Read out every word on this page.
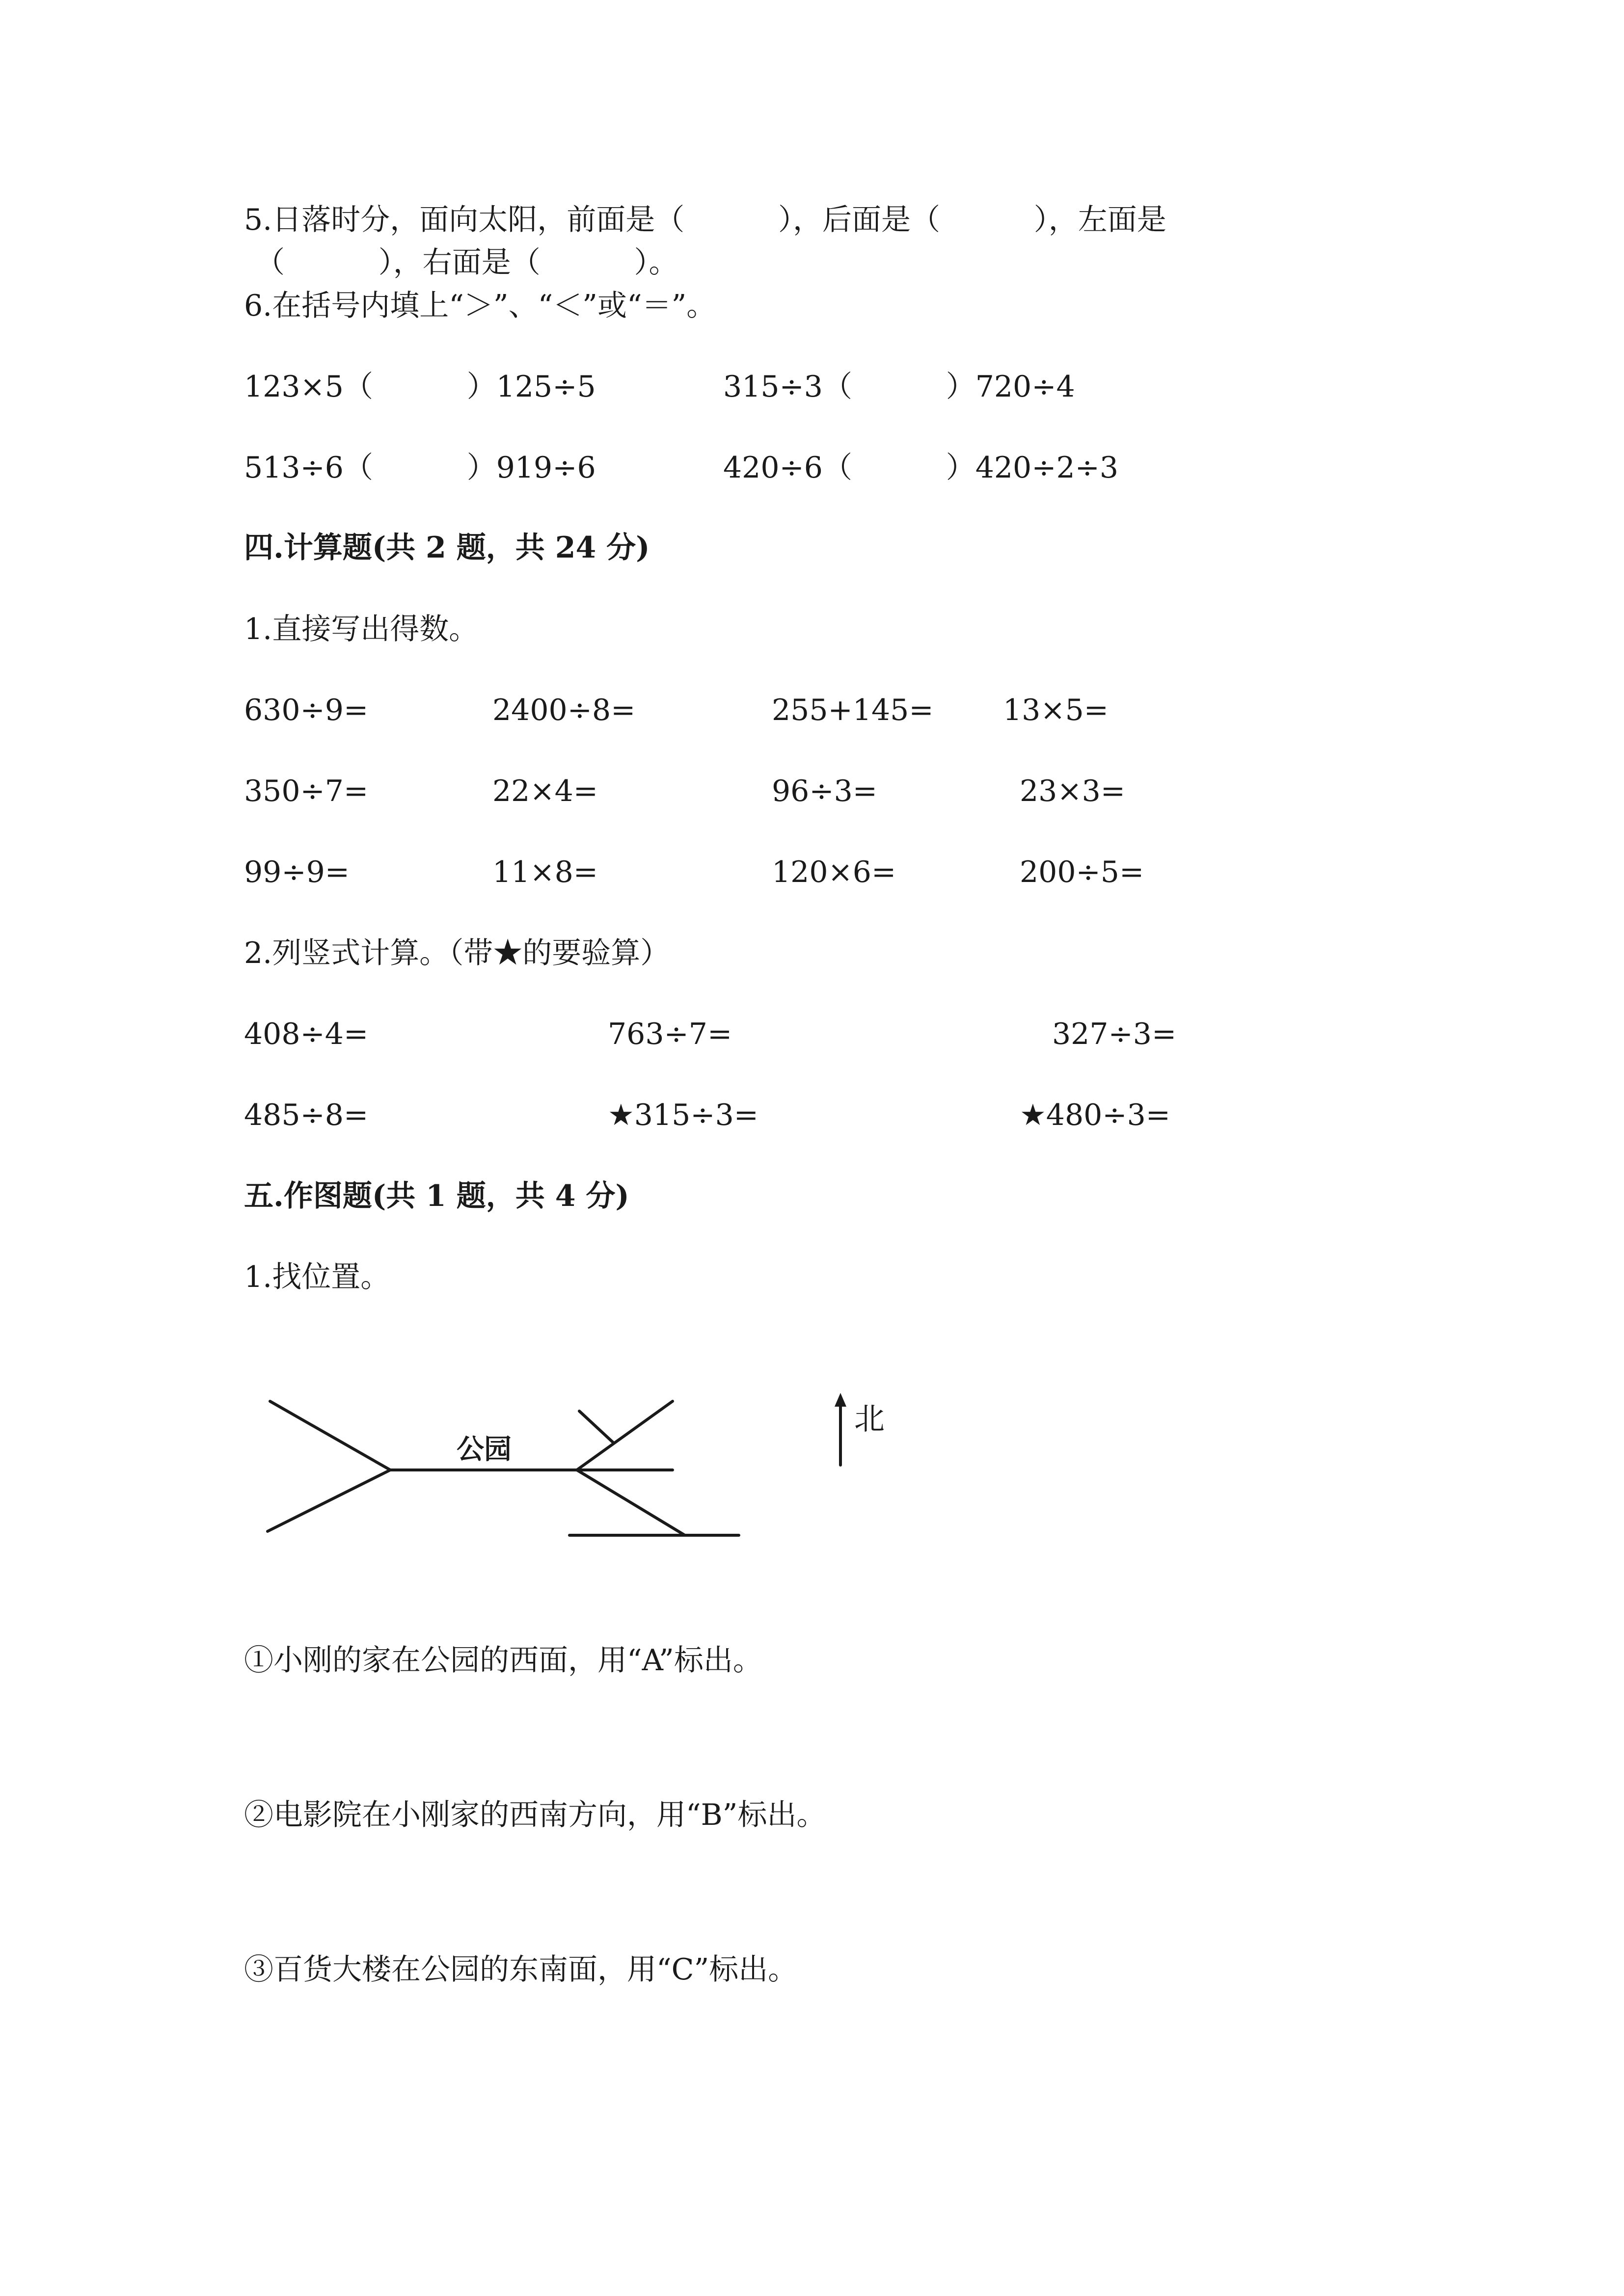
5.日落时分，面向太阳，前面是（          ），后面是（          ），左面是
（          ），右面是（          ）。
6.在括号内填上“＞”、“＜”或“＝”。
123×5（          ）125÷5	315÷3（          ）720÷4
513÷6（          ）919÷6	420÷6（          ）420÷2÷3
四.计算题(共 2 题，共 24 分)
1.直接写出得数。
630÷9=	2400÷8=	255+145= 13×5=
350÷7=	22×4=	96÷3=	23×3=
99÷9=	11×8=	120×6=	200÷5=
2.列竖式计算。（带★的要验算）
408÷4=	763÷7=	327÷3=
485÷8=	★315÷3=	★480÷3=
五.作图题(共 1 题，共 4 分)
1.找位置。
公园
北
①小刚的家在公园的西面，用“A”标出。
②电影院在小刚家的西南方向，用“B”标出。
③百货大楼在公园的东南面，用“C”标出。
